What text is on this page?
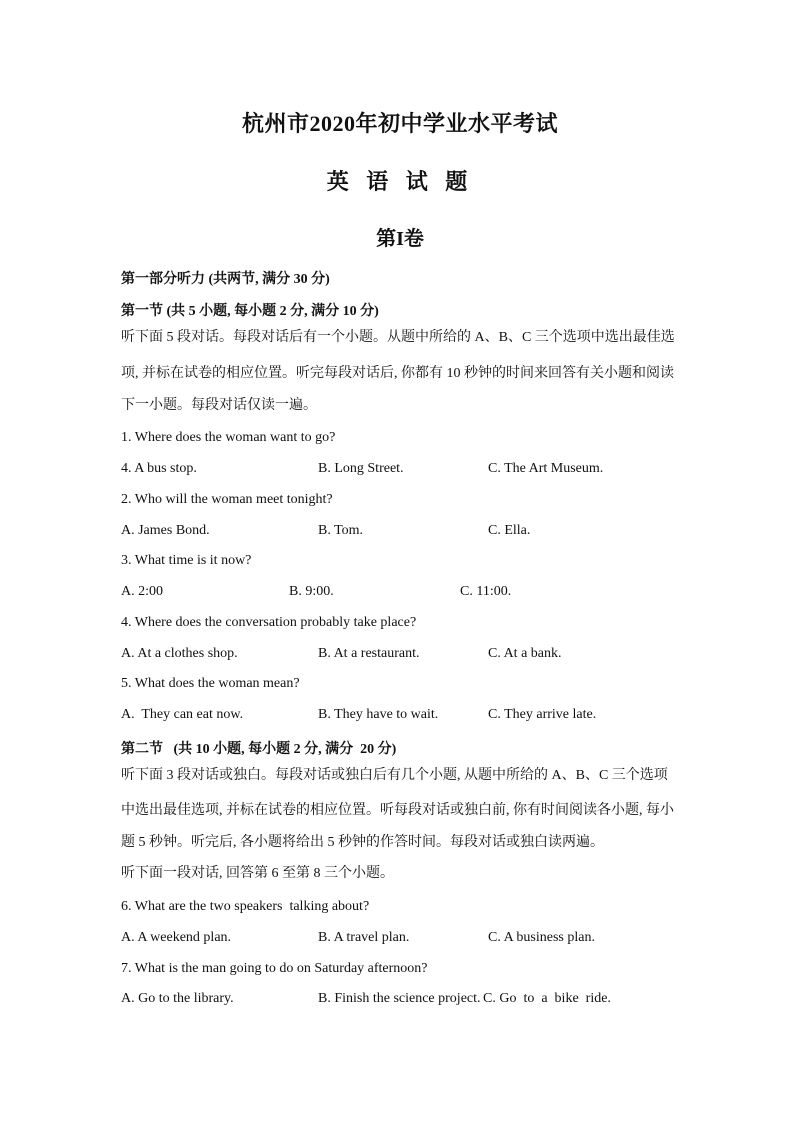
杭州市2020年初中学业水平考试
英 语 试 题
第I卷
第一部分听力 (共两节, 满分 30 分)
第一节 (共 5 小题, 每小题 2 分, 满分 10 分)
听下面 5 段对话。每段对话后有一个小题。从题中所给的 A、B、C 三个选项中选出最佳选
项, 并标在试卷的相应位置。听完每段对话后, 你都有 10 秒钟的时间来回答有关小题和阅读
下一小题。每段对话仅读一遍。
1. Where does the woman want to go?
4. A bus stop.	B. Long Street.	C. The Art Museum.
2. Who will the woman meet tonight?
A. James Bond.	B. Tom.	C. Ella.
3. What time is it now?
A. 2:00	B. 9:00.	C. 11:00.
4. Where does the conversation probably take place?
A. At a clothes shop.	B. At a restaurant.	C. At a bank.
5. What does the woman mean?
A.  They can eat now.	B. They have to wait.	C. They arrive late.
第二节   (共 10 小题, 每小题 2 分, 满分  20 分)
听下面 3 段对话或独白。每段对话或独白后有几个小题, 从题中所给的 A、B、C 三个选项
中选出最佳选项, 并标在试卷的相应位置。听每段对话或独白前, 你有时间阅读各小题, 每小
题 5 秒钟。听完后, 各小题将给出 5 秒钟的作答时间。每段对话或独白读两遍。
听下面一段对话, 回答第 6 至第 8 三个小题。
6. What are the two speakers  talking about?
A. A weekend plan.	B. A travel plan.	C. A business plan.
7. What is the man going to do on Saturday afternoon?
A. Go to the library.	B. Finish the science project. C. Go  to  a  bike  ride.
